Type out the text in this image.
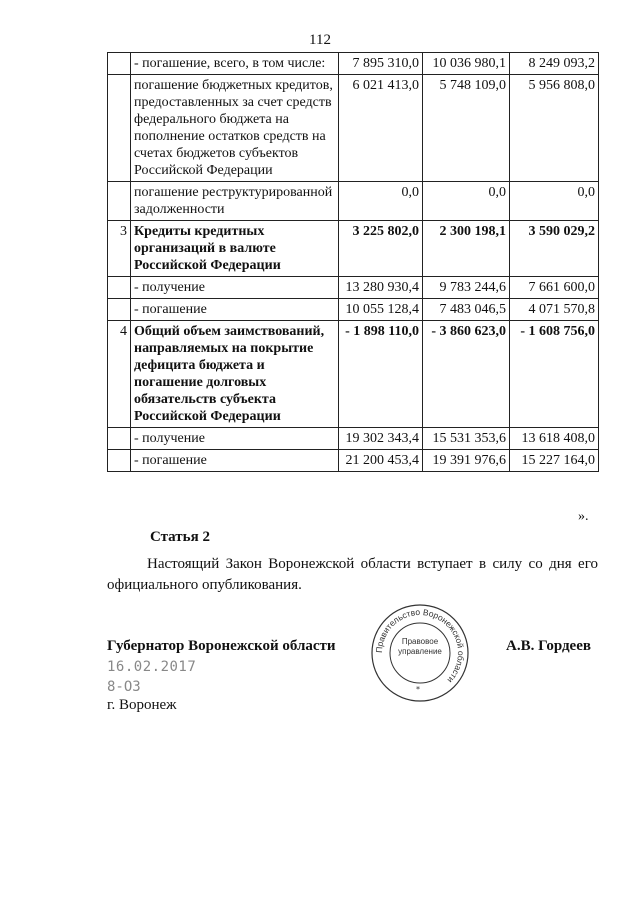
112
	- погашение, всего, в том числе:	7 895 310,0	10 036 980,1	8 249 093,2
	погашение бюджетных кредитов, предоставленных за счет средств федерального бюджета на пополнение остатков средств на счетах бюджетов субъектов Российской Федерации	6 021 413,0	5 748 109,0	5 956 808,0
	погашение реструктурированной задолженности	0,0	0,0	0,0
3	Кредиты кредитных организаций в валюте Российской Федерации	3 225 802,0	2 300 198,1	3 590 029,2
	- получение	13 280 930,4	9 783 244,6	7 661 600,0
	- погашение	10 055 128,4	7 483 046,5	4 071 570,8
4	Общий объем заимствований, направляемых на покрытие дефицита бюджета и погашение долговых обязательств субъекта Российской Федерации	- 1 898 110,0	- 3 860 623,0	- 1 608 756,0
	- получение	19 302 343,4	15 531 353,6	13 618 408,0
	- погашение	21 200 453,4	19 391 976,6	15 227 164,0
».
Статья 2
Настоящий Закон Воронежской области вступает в силу со дня его официального опубликования.
Губернатор Воронежской области	А.В. Гордеев
16.02.2017
8-ОЗ
г. Воронеж
Правительство Воронежской области
Правовое
управление
*
